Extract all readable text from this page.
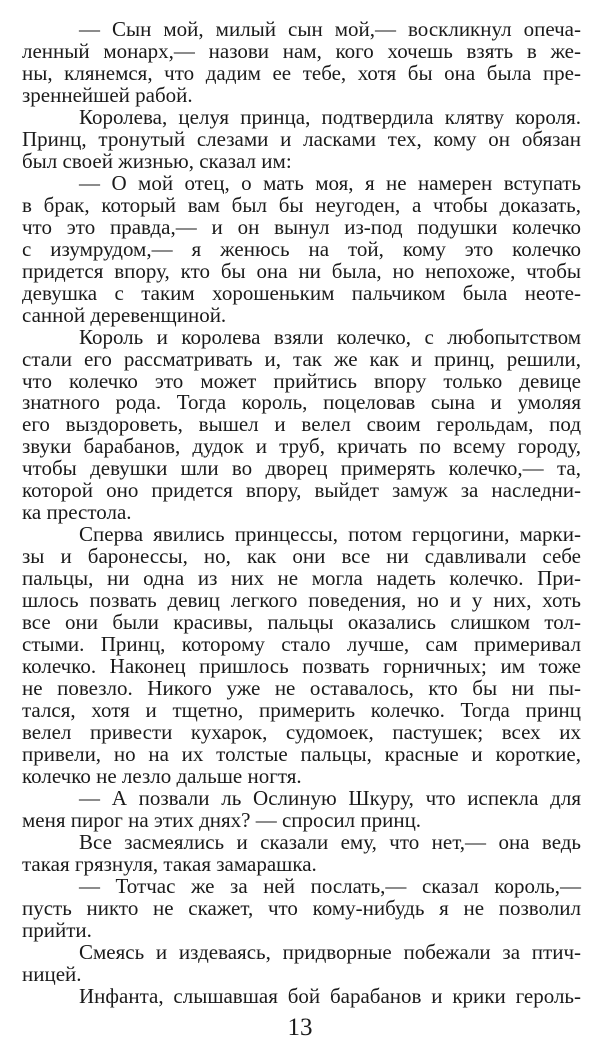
— Сын мой, милый сын мой,— воскликнул опеча-
ленный монарх,— назови нам, кого хочешь взять в же-
ны, клянемся, что дадим ее тебе, хотя бы она была пре-
зреннейшей рабой.
Королева, целуя принца, подтвердила клятву короля.
Принц, тронутый слезами и ласками тех, кому он обязан
был своей жизнью, сказал им:
— О мой отец, о мать моя, я не намерен вступать
в брак, который вам был бы неугоден, а чтобы доказать,
что это правда,— и он вынул из-под подушки колечко
с изумрудом,— я женюсь на той, кому это колечко
придется впору, кто бы она ни была, но непохоже, чтобы
девушка с таким хорошеньким пальчиком была неоте-
санной деревенщиной.
Король и королева взяли колечко, с любопытством
стали его рассматривать и, так же как и принц, решили,
что колечко это может прийтись впору только девице
знатного рода. Тогда король, поцеловав сына и умоляя
его выздороветь, вышел и велел своим герольдам, под
звуки барабанов, дудок и труб, кричать по всему городу,
чтобы девушки шли во дворец примерять колечко,— та,
которой оно придется впору, выйдет замуж за наследни-
ка престола.
Сперва явились принцессы, потом герцогини, марки-
зы и баронессы, но, как они все ни сдавливали себе
пальцы, ни одна из них не могла надеть колечко. При-
шлось позвать девиц легкого поведения, но и у них, хоть
все они были красивы, пальцы оказались слишком тол-
стыми. Принц, которому стало лучше, сам примеривал
колечко. Наконец пришлось позвать горничных; им тоже
не повезло. Никого уже не оставалось, кто бы ни пы-
тался, хотя и тщетно, примерить колечко. Тогда принц
велел привести кухарок, судомоек, пастушек; всех их
привели, но на их толстые пальцы, красные и короткие,
колечко не лезло дальше ногтя.
— А позвали ль Ослиную Шкуру, что испекла для
меня пирог на этих днях? — спросил принц.
Все засмеялись и сказали ему, что нет,— она ведь
такая грязнуля, такая замарашка.
— Тотчас же за ней послать,— сказал король,—
пусть никто не скажет, что кому-нибудь я не позволил
прийти.
Смеясь и издеваясь, придворные побежали за птич-
ницей.
Инфанта, слышавшая бой барабанов и крики героль-
13
